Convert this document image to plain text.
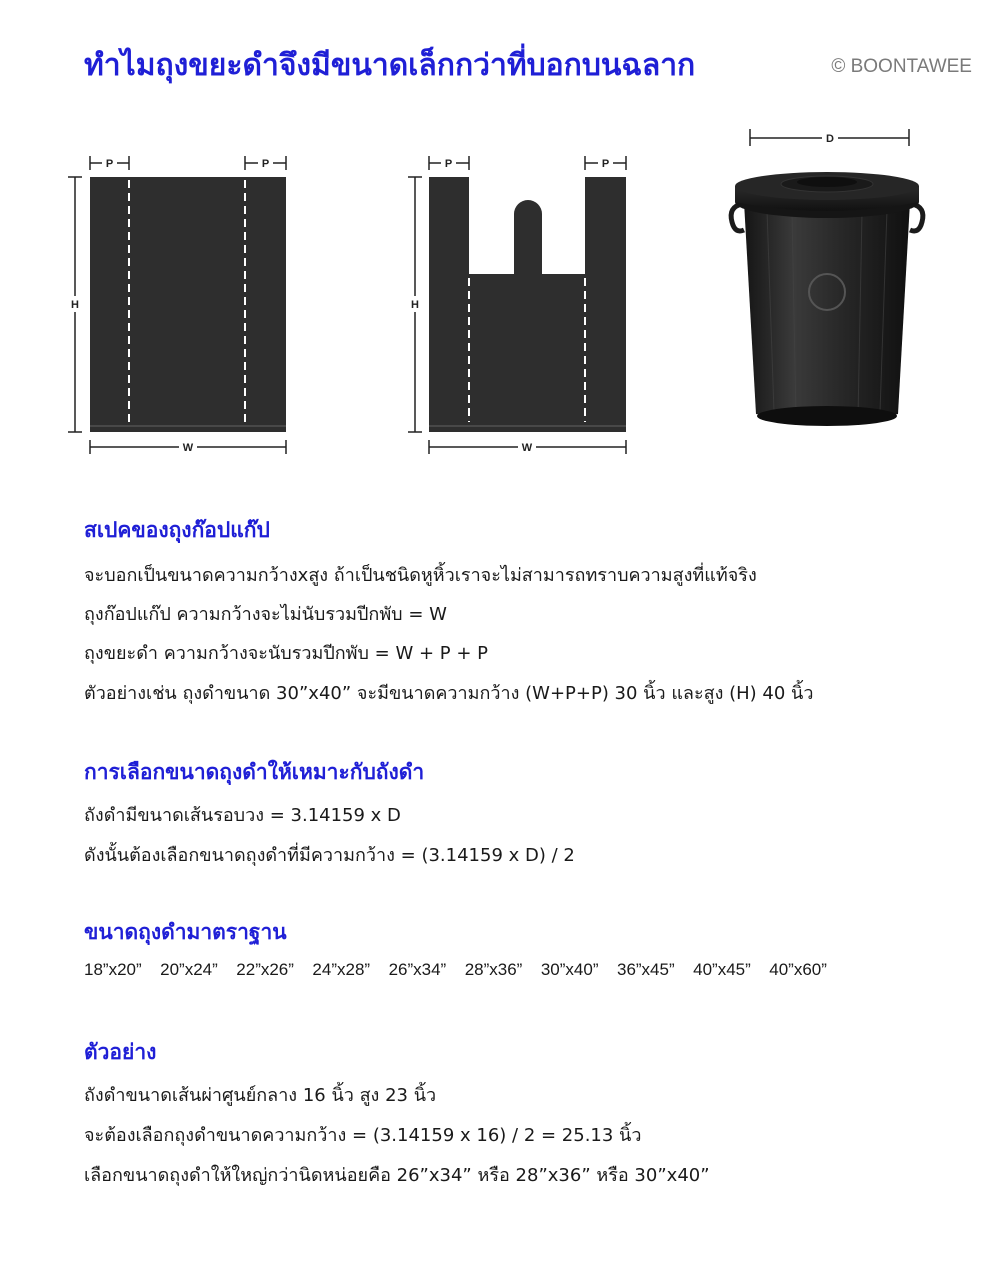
ทำไมถุงขยะดำจึงมีขนาดเล็กกว่าที่บอกบนฉลาก	© BOONTAWEE
P	P
H
W
P	P
H
W
D
สเปคของถุงก๊อปแก๊ป
จะบอกเป็นขนาดความกว้างxสูง ถ้าเป็นชนิดหูหิ้วเราจะไม่สามารถทราบความสูงที่แท้จริง
ถุงก๊อปแก๊ป ความกว้างจะไม่นับรวมปีกพับ = W
ถุงขยะดำ ความกว้างจะนับรวมปีกพับ = W + P + P
ตัวอย่างเช่น ถุงดำขนาด 30”x40” จะมีขนาดความกว้าง (W+P+P) 30 นิ้ว และสูง (H) 40 นิ้ว
การเลือกขนาดถุงดำให้เหมาะกับถังดำ
ถังดำมีขนาดเส้นรอบวง = 3.14159 x D
ดังนั้นต้องเลือกขนาดถุงดำที่มีความกว้าง = (3.14159 x D) / 2
ขนาดถุงดำมาตราฐาน
18”x20” 20”x24” 22”x26” 24”x28” 26”x34” 28”x36” 30”x40” 36”x45” 40”x45” 40”x60”
ตัวอย่าง
ถังดำขนาดเส้นผ่าศูนย์กลาง 16 นิ้ว สูง 23 นิ้ว
จะต้องเลือกถุงดำขนาดความกว้าง = (3.14159 x 16) / 2 = 25.13 นิ้ว
เลือกขนาดถุงดำให้ใหญ่กว่านิดหน่อยคือ 26”x34” หรือ 28”x36” หรือ 30”x40”
